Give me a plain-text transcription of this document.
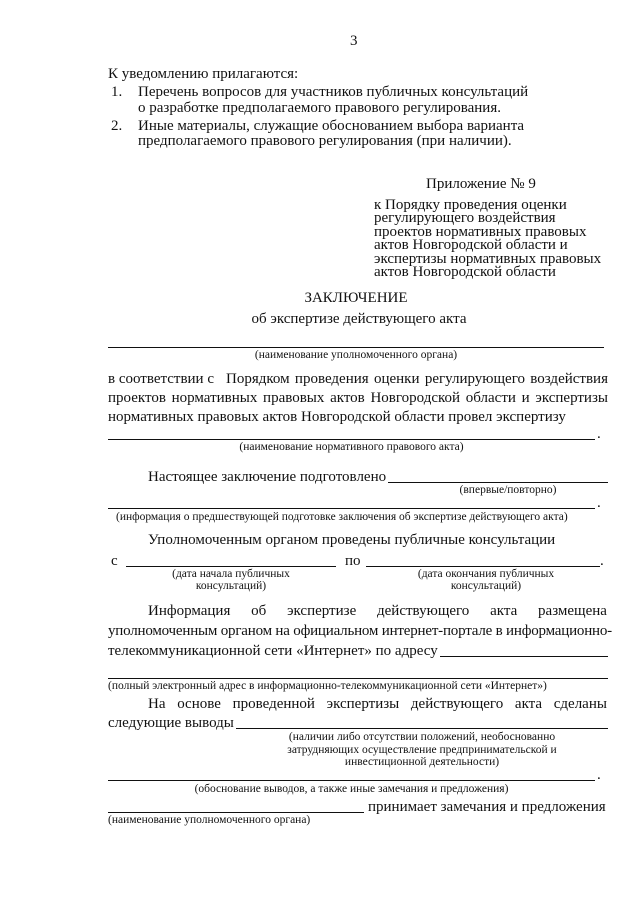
3
К уведомлению прилагаются:
1. Перечень вопросов для участников публичных консультаций
о разработке предполагаемого правового регулирования.
2. Иные материалы, служащие обоснованием выбора варианта
предполагаемого правового регулирования (при наличии).
Приложение № 9
к Порядку проведения оценки
регулирующего воздействия
проектов нормативных правовых
актов Новгородской области и
экспертизы нормативных правовых
актов Новгородской области
ЗАКЛЮЧЕНИЕ
об экспертизе действующего акта
(наименование уполномоченного органа)
в соответствии с Порядком проведения оценки регулирующего воздействия
проектов нормативных правовых актов Новгородской области и экспертизы
нормативных правовых актов Новгородской области провел экспертизу
.
(наименование нормативного правового акта)
Настоящее заключение подготовлено
(впервые/повторно)
.
(информация о предшествующей подготовке заключения об экспертизе действующего акта)
Уполномоченным органом проведены публичные консультации
с	по	.
(дата начала публичных
консультаций)
(дата окончания публичных
консультаций)
Информация об экспертизе действующего акта размещена
уполномоченным органом на официальном интернет-портале в информационно-
телекоммуникационной сети «Интернет» по адресу
(полный электронный адрес в информационно-телекоммуникационной сети «Интернет»)
На основе проведенной экспертизы действующего акта сделаны
следующие выводы
(наличии либо отсутствии положений, необоснованно
затрудняющих осуществление предпринимательской и
инвестиционной деятельности)
.
(обоснование выводов, а также иные замечания и предложения)
принимает замечания и предложения
(наименование уполномоченного органа)
